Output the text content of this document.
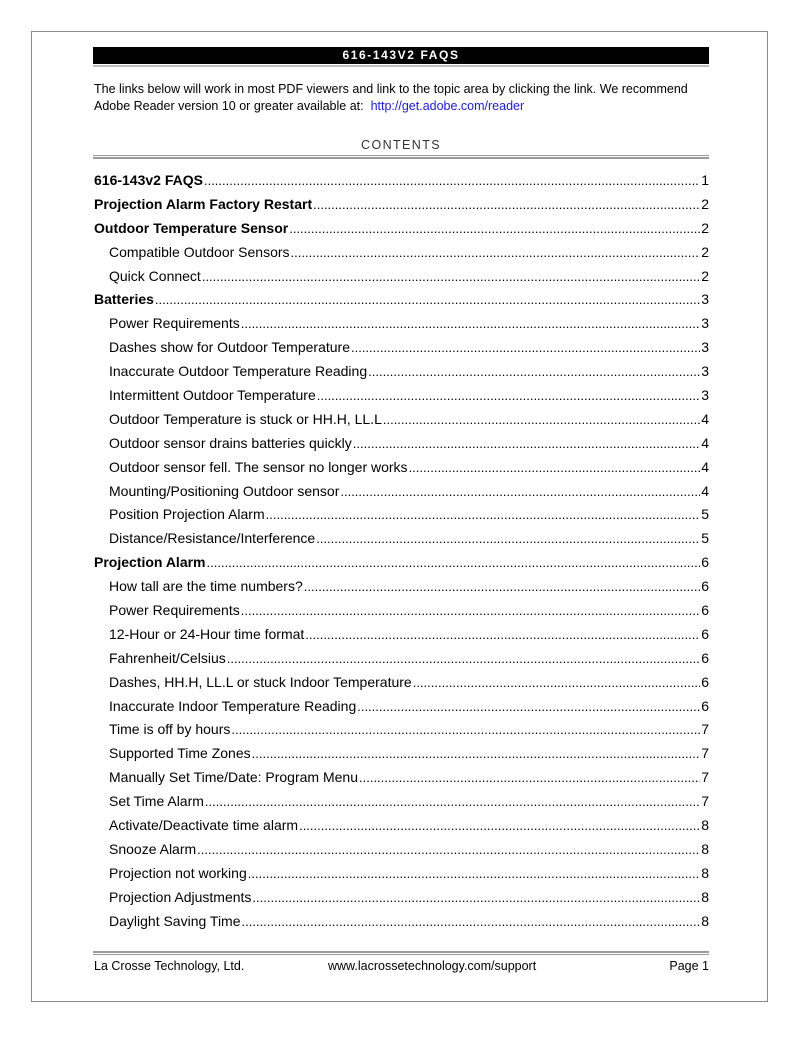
616-143V2 FAQS
The links below will work in most PDF viewers and link to the topic area by clicking the link. We recommend Adobe Reader version 10 or greater available at: http://get.adobe.com/reader
CONTENTS
616-143v2 FAQS .....	1
Projection Alarm Factory Restart .....	2
Outdoor Temperature Sensor .....	2
Compatible Outdoor Sensors .....	2
Quick Connect .....	2
Batteries .....	3
Power Requirements .....	3
Dashes show for Outdoor Temperature .....	3
Inaccurate Outdoor Temperature Reading .....	3
Intermittent Outdoor Temperature .....	3
Outdoor Temperature is stuck or HH.H, LL.L .....	4
Outdoor sensor drains batteries quickly .....	4
Outdoor sensor fell. The sensor no longer works .....	4
Mounting/Positioning Outdoor sensor .....	4
Position Projection Alarm .....	5
Distance/Resistance/Interference .....	5
Projection Alarm .....	6
How tall are the time numbers? .....	6
Power Requirements .....	6
12-Hour or 24-Hour time format .....	6
Fahrenheit/Celsius .....	6
Dashes, HH.H, LL.L or stuck Indoor Temperature .....	6
Inaccurate Indoor Temperature Reading .....	6
Time is off by hours .....	7
Supported Time Zones .....	7
Manually Set Time/Date: Program Menu .....	7
Set Time Alarm .....	7
Activate/Deactivate time alarm .....	8
Snooze Alarm .....	8
Projection not working .....	8
Projection Adjustments .....	8
Daylight Saving Time .....	8
La Crosse Technology, Ltd.	www.lacrossetechnology.com/support	Page 1
